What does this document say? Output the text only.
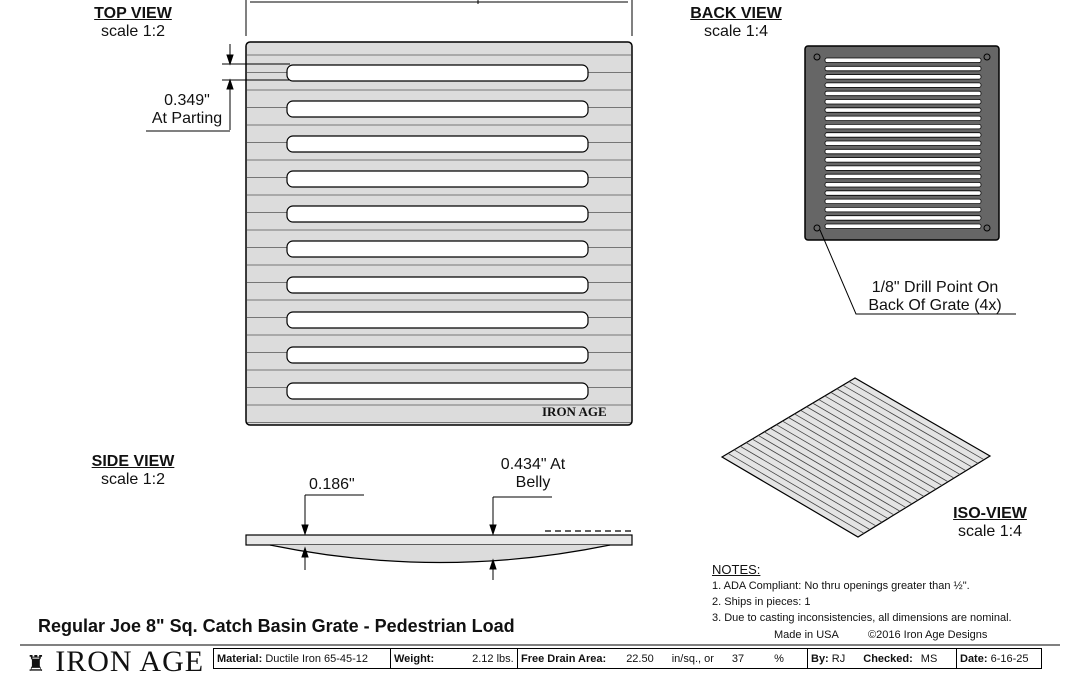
TOP VIEW
scale 1:2
BACK VIEW
scale 1:4
SIDE VIEW
scale 1:2
ISO-VIEW
scale 1:4
0.349"
At Parting
0.186"
0.434" At
Belly
1/8" Drill Point On
Back Of Grate (4x)
IRON AGE
NOTES:
1. ADA Compliant: No thru openings greater than ½".
2. Ships in pieces: 1
3. Due to casting inconsistencies, all dimensions are nominal.
Made in USA	©2016 Iron Age Designs
Regular Joe 8" Sq. Catch Basin Grate - Pedestrian Load
♜ IRON AGE Material: Ductile Iron 65-45-12	Weight:	2.12 lbs.	Free Drain Area: 22.50 in/sq., or 37	%	By: RJ Checked: MS	Date: 6-16-25
